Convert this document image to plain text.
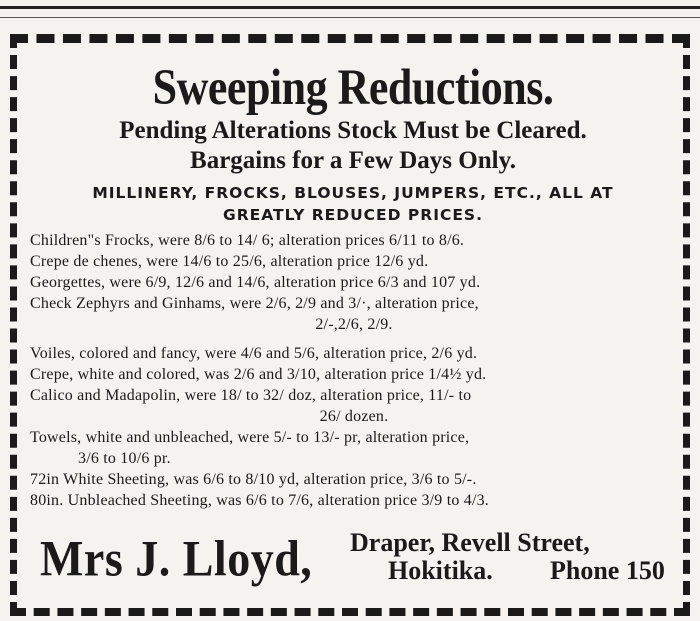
Sweeping Reductions.
Pending Alterations Stock Must be Cleared.
Bargains for a Few Days Only.
MILLINERY, FROCKS, BLOUSES, JUMPERS, ETC., ALL AT
GREATLY REDUCED PRICES.
Children"s Frocks, were 8/6 to 14/ 6; alteration prices 6/11 to 8/6.
Crepe de chenes, were 14/6 to 25/6, alteration price 12/6 yd.
Georgettes, were 6/9, 12/6 and 14/6, alteration price 6/3 and 107 yd.
Check Zephyrs and Ginhams, were 2/6, 2/9 and 3/·, alteration price,
2/-,2/6, 2/9.
Voiles, colored and fancy, were 4/6 and 5/6, alteration price, 2/6 yd.
Crepe, white and colored, was 2/6 and 3/10, alteration price 1/4½ yd.
Calico and Madapolin, were 18/ to 32/ doz, alteration price, 11/- to
26/ dozen.
Towels, white and unbleached, were 5/- to 13/- pr, alteration price,
3/6 to 10/6 pr.
72in White Sheeting, was 6/6 to 8/10 yd, alteration price, 3/6 to 5/-.
80in. Unbleached Sheeting, was 6/6 to 7/6, alteration price 3/9 to 4/3.
Mrs J. Lloyd, Draper, Revell Street,
Hokitika. Phone 150
